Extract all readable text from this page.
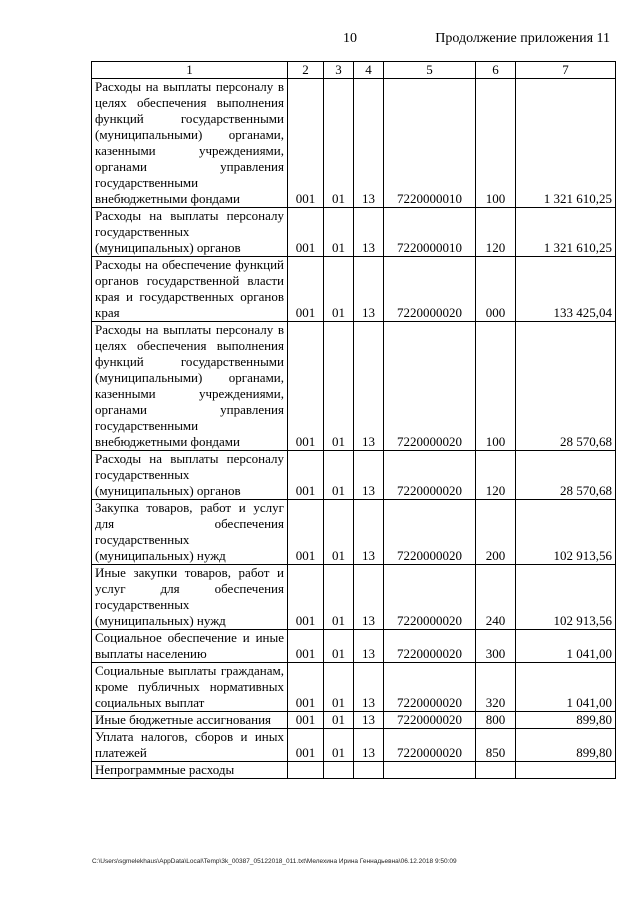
10	Продолжение приложения 11
1	2	3	4	5	6	7
Расходы на выплаты персоналу в целях обеспечения выполнения функций государственными (муниципальными) органами, казенными учреждениями, органами управления государственными внебюджетными фондами	001	01	13	7220000010	100	1 321 610,25
Расходы на выплаты персоналу государственных (муниципальных) органов	001	01	13	7220000010	120	1 321 610,25
Расходы на обеспечение функций органов государственной власти края и государственных органов края	001	01	13	7220000020	000	133 425,04
Расходы на выплаты персоналу в целях обеспечения выполнения функций государственными (муниципальными) органами, казенными учреждениями, органами управления государственными внебюджетными фондами	001	01	13	7220000020	100	28 570,68
Расходы на выплаты персоналу государственных (муниципальных) органов	001	01	13	7220000020	120	28 570,68
Закупка товаров, работ и услуг для обеспечения государственных (муниципальных) нужд	001	01	13	7220000020	200	102 913,56
Иные закупки товаров, работ и услуг для обеспечения государственных (муниципальных) нужд	001	01	13	7220000020	240	102 913,56
Социальное обеспечение и иные выплаты населению	001	01	13	7220000020	300	1 041,00
Социальные выплаты гражданам, кроме публичных нормативных социальных выплат	001	01	13	7220000020	320	1 041,00
Иные бюджетные ассигнования	001	01	13	7220000020	800	899,80
Уплата налогов, сборов и иных платежей	001	01	13	7220000020	850	899,80
Непрограммные расходы						
C:\Users\sgmelekhaus\AppData\Local\Temp\3k_00387_05122018_011.txt\Мелехина Ирина Геннадьевна\06.12.2018 9:50:09
